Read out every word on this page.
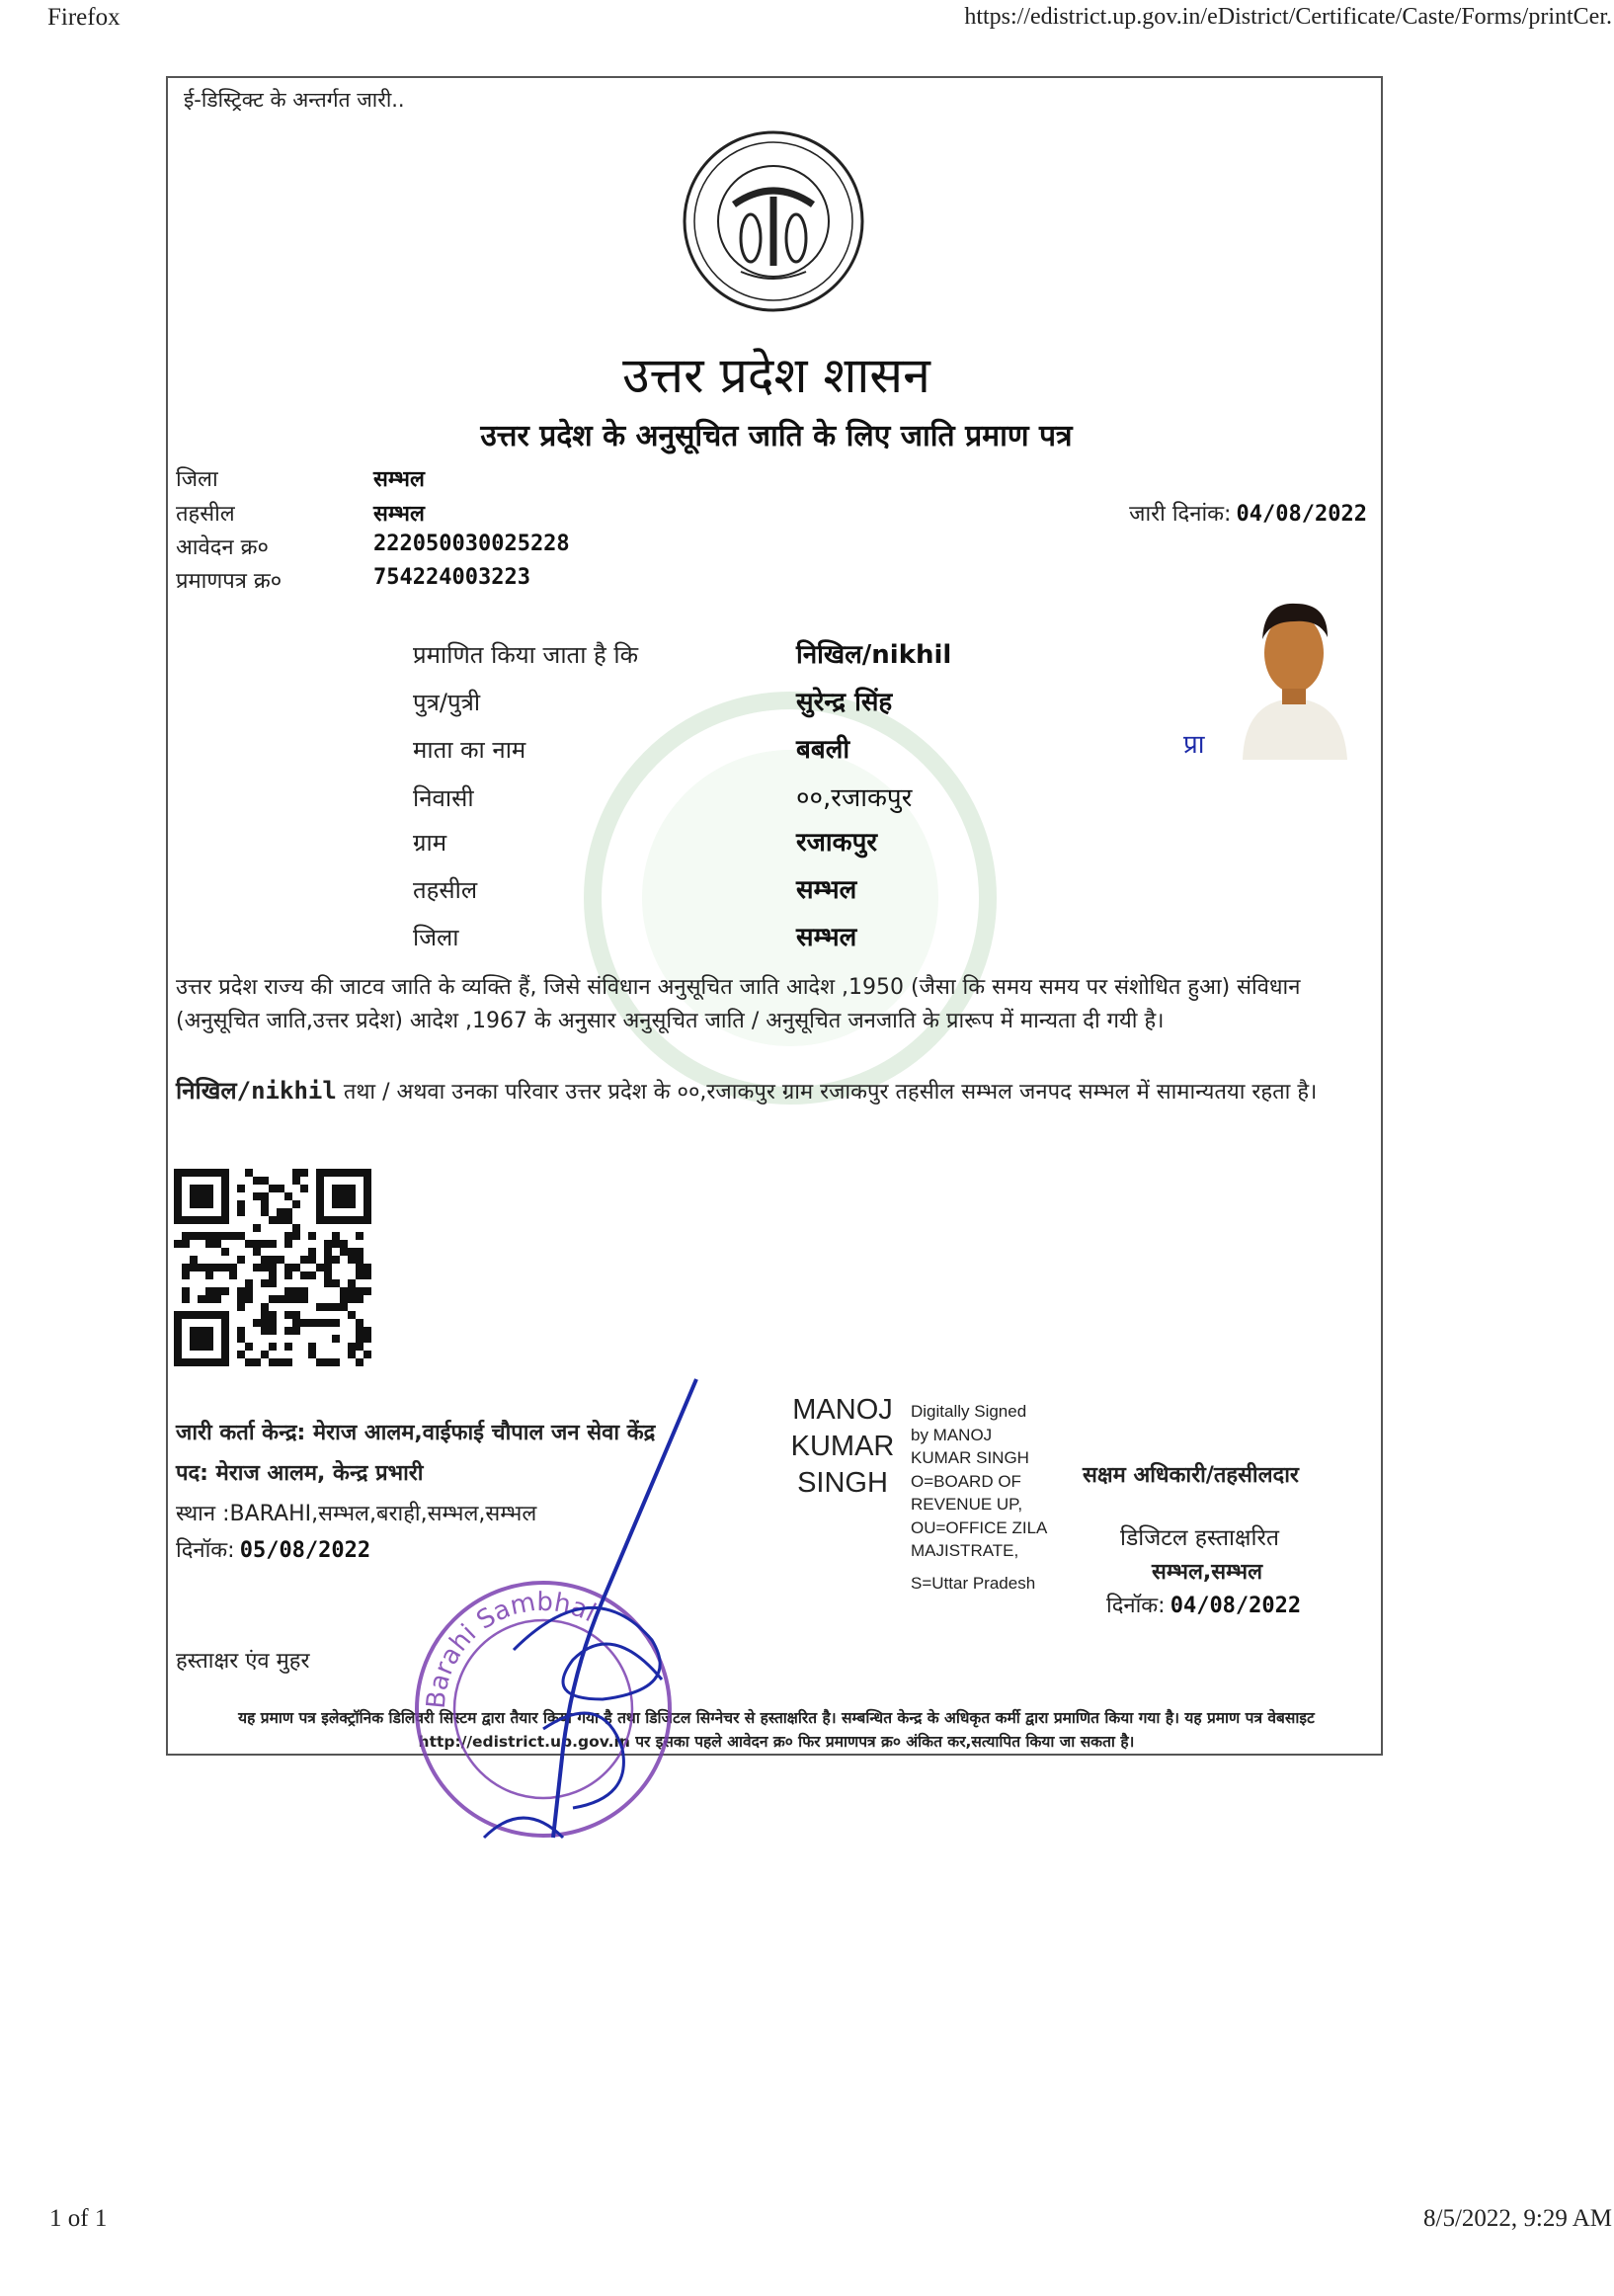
Firefox	https://edistrict.up.gov.in/eDistrict/Certificate/Caste/Forms/printCer.
1 of 1	8/5/2022, 9:29 AM
ई-डिस्ट्रिक्ट के अन्तर्गत जारी..
उत्तर प्रदेश शासन
उत्तर प्रदेश के अनुसूचित जाति के लिए जाति प्रमाण पत्र
जिला	सम्भल
तहसील	सम्भल
आवेदन क्र०	222050030025228
प्रमाणपत्र क्र०	754224003223
जारी दिनांक: 04/08/2022
प्रमाणित किया जाता है कि	निखिल/nikhil
पुत्र/पुत्री	सुरेन्द्र सिंह
माता का नाम	बबली
निवासी	००,रजाकपुर
ग्राम	रजाकपुर
तहसील	सम्भल
जिला	सम्भल
प्रा
उत्तर प्रदेश राज्य की जाटव जाति के व्यक्ति हैं, जिसे संविधान अनुसूचित जाति आदेश ,1950 (जैसा कि समय समय पर संशोधित हुआ) संविधान (अनुसूचित जाति,उत्तर प्रदेश) आदेश ,1967 के अनुसार अनुसूचित जाति / अनुसूचित जनजाति के प्रारूप में मान्यता दी गयी है।
निखिल/nikhil तथा / अथवा उनका परिवार उत्तर प्रदेश के ००,रजाकपुर ग्राम रजाकपुर तहसील सम्भल जनपद सम्भल में सामान्यतया रहता है।
जारी कर्ता केन्द्र: मेराज आलम,वाईफाई चौपाल जन सेवा केंद्र
पद: मेराज आलम, केन्द्र प्रभारी
स्थान :BARAHI,सम्भल,बराही,सम्भल,सम्भल
दिनॉक: 05/08/2022
हस्ताक्षर एंव मुहर
MANOJ
KUMAR
SINGH
Digitally Signed
by MANOJ
KUMAR SINGH
O=BOARD OF
REVENUE UP,
OU=OFFICE ZILA
MAJISTRATE,
S=Uttar Pradesh
सक्षम अधिकारी/तहसीलदार
डिजिटल हस्ताक्षरित
सम्भल,सम्भल
दिनॉक: 04/08/2022
यह प्रमाण पत्र इलेक्ट्रॉनिक डिलिवरी सिस्टम द्वारा तैयार किया गया है तथा डिजिटल सिग्नेचर से हस्ताक्षरित है। सम्बन्धित केन्द्र के अधिकृत कर्मी द्वारा प्रमाणित किया गया है। यह प्रमाण पत्र वेबसाइट http://edistrict.up.gov.in पर इसका पहले आवेदन क्र० फिर प्रमाणपत्र क्र० अंकित कर,सत्यापित किया जा सकता है।
Barahi Sambhal
